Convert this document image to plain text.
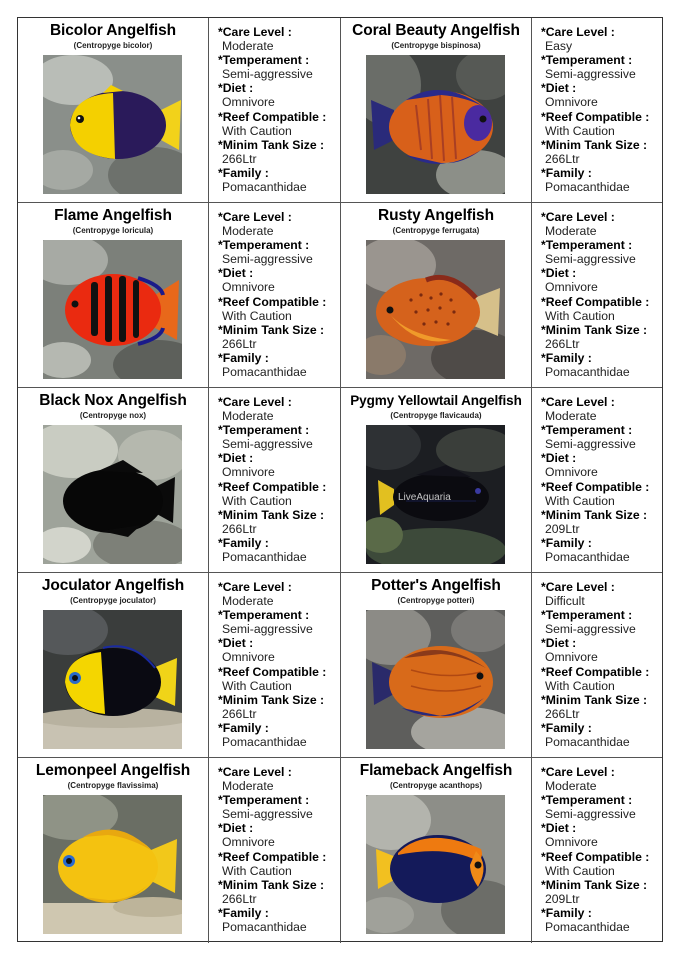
Bicolor Angelfish
(Centropyge bicolor)
*Care Level :
Moderate
*Temperament :
Semi-aggressive
*Diet :
Omnivore
*Reef Compatible :
With Caution
*Minim Tank Size :
266Ltr
*Family :
Pomacanthidae
Coral Beauty Angelfish
(Centropyge bispinosa)
*Care Level :
Easy
*Temperament :
Semi-aggressive
*Diet :
Omnivore
*Reef Compatible :
With Caution
*Minim Tank Size :
266Ltr
*Family :
Pomacanthidae
Flame Angelfish
(Centropyge loricula)
*Care Level :
Moderate
*Temperament :
Semi-aggressive
*Diet :
Omnivore
*Reef Compatible :
With Caution
*Minim Tank Size :
266Ltr
*Family :
Pomacanthidae
Rusty Angelfish
(Centropyge ferrugata)
*Care Level :
Moderate
*Temperament :
Semi-aggressive
*Diet :
Omnivore
*Reef Compatible :
With Caution
*Minim Tank Size :
266Ltr
*Family :
Pomacanthidae
Black Nox Angelfish
(Centropyge nox)
*Care Level :
Moderate
*Temperament :
Semi-aggressive
*Diet :
Omnivore
*Reef Compatible :
With Caution
*Minim Tank Size :
266Ltr
*Family :
Pomacanthidae
Pygmy Yellowtail Angelfish
(Centropyge flavicauda)
LiveAquaria
*Care Level :
Moderate
*Temperament :
Semi-aggressive
*Diet :
Omnivore
*Reef Compatible :
With Caution
*Minim Tank Size :
209Ltr
*Family :
Pomacanthidae
Joculator Angelfish
(Centropyge joculator)
*Care Level :
Moderate
*Temperament :
Semi-aggressive
*Diet :
Omnivore
*Reef Compatible :
With Caution
*Minim Tank Size :
266Ltr
*Family :
Pomacanthidae
Potter's Angelfish
(Centropyge potteri)
*Care Level :
Difficult
*Temperament :
Semi-aggressive
*Diet :
Omnivore
*Reef Compatible :
With Caution
*Minim Tank Size :
266Ltr
*Family :
Pomacanthidae
Lemonpeel Angelfish
(Centropyge flavissima)
*Care Level :
Moderate
*Temperament :
Semi-aggressive
*Diet :
Omnivore
*Reef Compatible :
With Caution
*Minim Tank Size :
266Ltr
*Family :
Pomacanthidae
Flameback Angelfish
(Centropyge acanthops)
*Care Level :
Moderate
*Temperament :
Semi-aggressive
*Diet :
Omnivore
*Reef Compatible :
With Caution
*Minim Tank Size :
209Ltr
*Family :
Pomacanthidae
